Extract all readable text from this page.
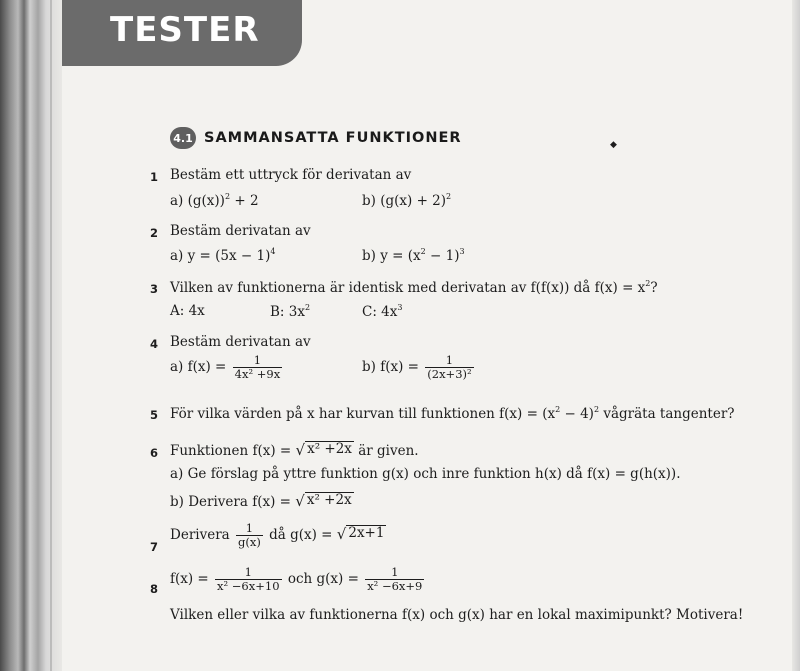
TESTER
4.1 SAMMANSATTA FUNKTIONER	◆
1 Bestäm ett uttryck för derivatan av
a) $(g(x))^2 + 2$	b) $(g(x) + 2)^2$
2 Bestäm derivatan av
a) $y = (5x - 1)^4$	b) $y = (x^2 - 1)^3$
3 Vilken av funktionerna är identisk med derivatan av f(f(x)) då $f(x) = x^2$?
A: 4x	B: $3x^2$	C: $4x^3$
4 Bestäm derivatan av
a) $f(x) = \frac{1}{\text{4x² +9x}}$	b) $f(x) = \frac{1}{\text{(2x+3)²}}$
5 För vilka värden på x har kurvan till funktionen $f(x) = (x^2 - 4)^2$ vågräta tangenter?
6 Funktionen f(x) = √ x² +2x är given.
a) Ge förslag på yttre funktion g(x) och inre funktion h(x) då f(x) = g(h(x)).
b) Derivera f(x) = √ x² +2x
7
Derivera $\frac{1}{g(x)}$ då g(x) = √ 2x+1
8
$f(x) = \frac{1}{\text{x² −6x+10}}$ och $g(x) = \frac{1}{\text{x² −6x+9}}$
Vilken eller vilka av funktionerna f(x) och g(x) har en lokal maximipunkt? Motivera!
